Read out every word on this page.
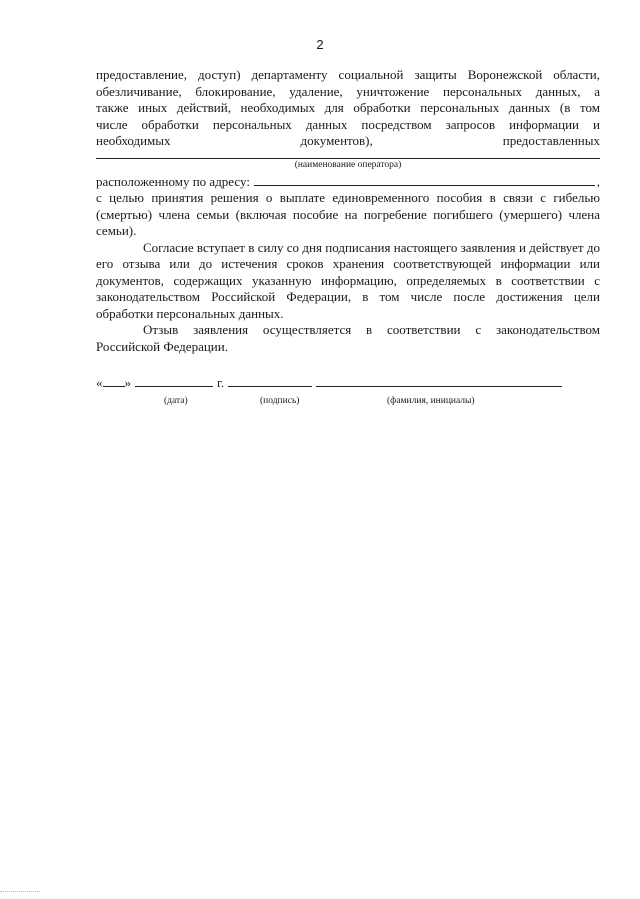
2

предоставление, доступ) департаменту социальной защиты Воронежской области,

обезличивание, блокирование, удаление, уничтожение персональных данных, а

также иных действий, необходимых для обработки персональных данных (в том

числе обработки персональных данных посредством запросов информации и

необходимых документов), предоставленных

(наименование оператора)

расположенному по адресу:	,

с целью принятия решения о выплате единовременного пособия в связи с гибелью

(смертью) члена семьи (включая пособие на погребение погибшего (умершего) члена

семьи).

Согласие вступает в силу со дня подписания настоящего заявления и действует до

его отзыва или до истечения сроков хранения соответствующей информации или

документов, содержащих указанную информацию, определяемых в соответствии с

законодательством Российской Федерации, в том числе после достижения цели

обработки персональных данных.

Отзыв заявления осуществляется в соответствии с законодательством

Российской Федерации.

« »	г.
(дата)	(подпись)	(фамилия, инициалы)
